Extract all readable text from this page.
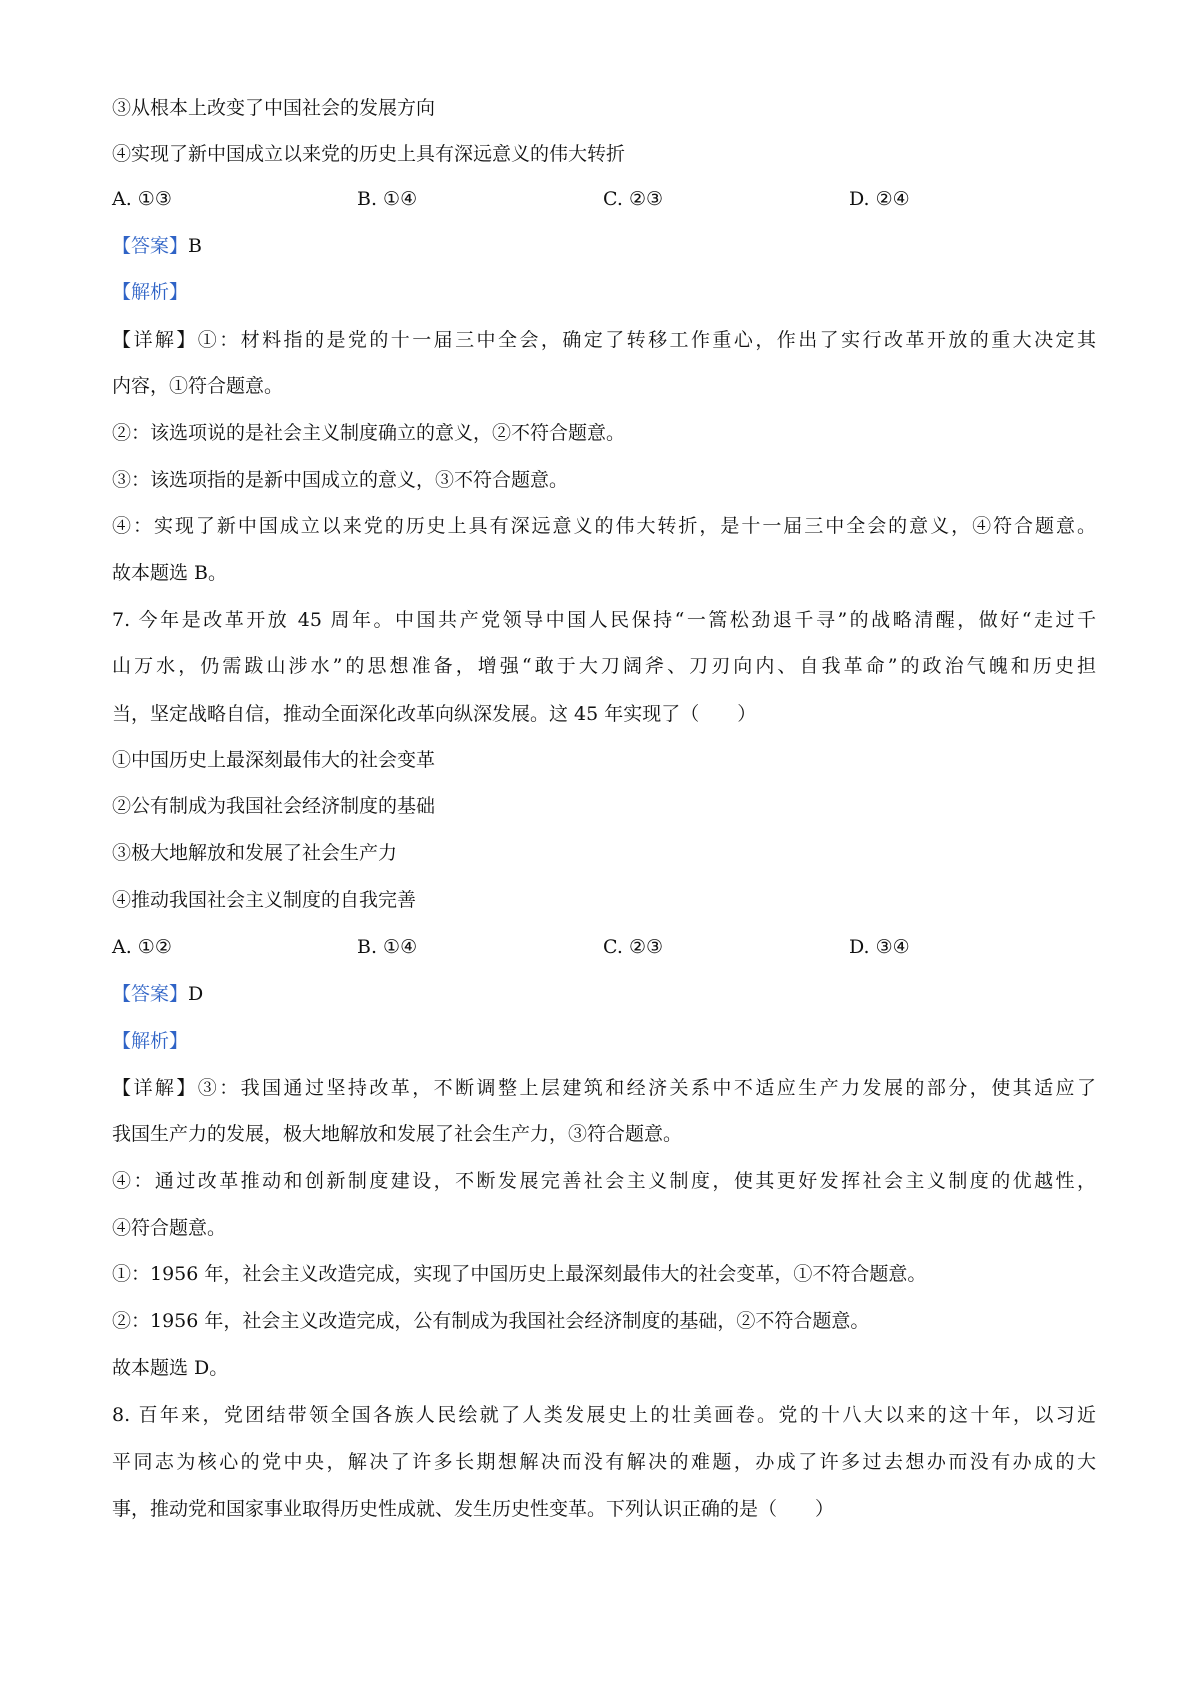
③从根本上改变了中国社会的发展方向
④实现了新中国成立以来党的历史上具有深远意义的伟大转折
A. ①③	B. ①④	C. ②③	D. ②④
【答案】B
【解析】
【详解】①：材料指的是党的十一届三中全会，确定了转移工作重心，作出了实行改革开放的重大决定其
内容，①符合题意。
②：该选项说的是社会主义制度确立的意义，②不符合题意。
③：该选项指的是新中国成立的意义，③不符合题意。
④：实现了新中国成立以来党的历史上具有深远意义的伟大转折，是十一届三中全会的意义，④符合题意。
故本题选 B。
7. 今年是改革开放 45 周年。中国共产党领导中国人民保持“一篙松劲退千寻”的战略清醒，做好“走过千
山万水，仍需跋山涉水”的思想准备，增强“敢于大刀阔斧、刀刃向内、自我革命”的政治气魄和历史担
当，坚定战略自信，推动全面深化改革向纵深发展。这 45 年实现了（　　）
①中国历史上最深刻最伟大的社会变革
②公有制成为我国社会经济制度的基础
③极大地解放和发展了社会生产力
④推动我国社会主义制度的自我完善
A. ①②	B. ①④	C. ②③	D. ③④
【答案】D
【解析】
【详解】③：我国通过坚持改革，不断调整上层建筑和经济关系中不适应生产力发展的部分，使其适应了
我国生产力的发展，极大地解放和发展了社会生产力，③符合题意。
④：通过改革推动和创新制度建设，不断发展完善社会主义制度，使其更好发挥社会主义制度的优越性，
④符合题意。
①：1956 年，社会主义改造完成，实现了中国历史上最深刻最伟大的社会变革，①不符合题意。
②：1956 年，社会主义改造完成，公有制成为我国社会经济制度的基础，②不符合题意。
故本题选 D。
8. 百年来，党团结带领全国各族人民绘就了人类发展史上的壮美画卷。党的十八大以来的这十年，以习近
平同志为核心的党中央，解决了许多长期想解决而没有解决的难题，办成了许多过去想办而没有办成的大
事，推动党和国家事业取得历史性成就、发生历史性变革。下列认识正确的是（　　）
